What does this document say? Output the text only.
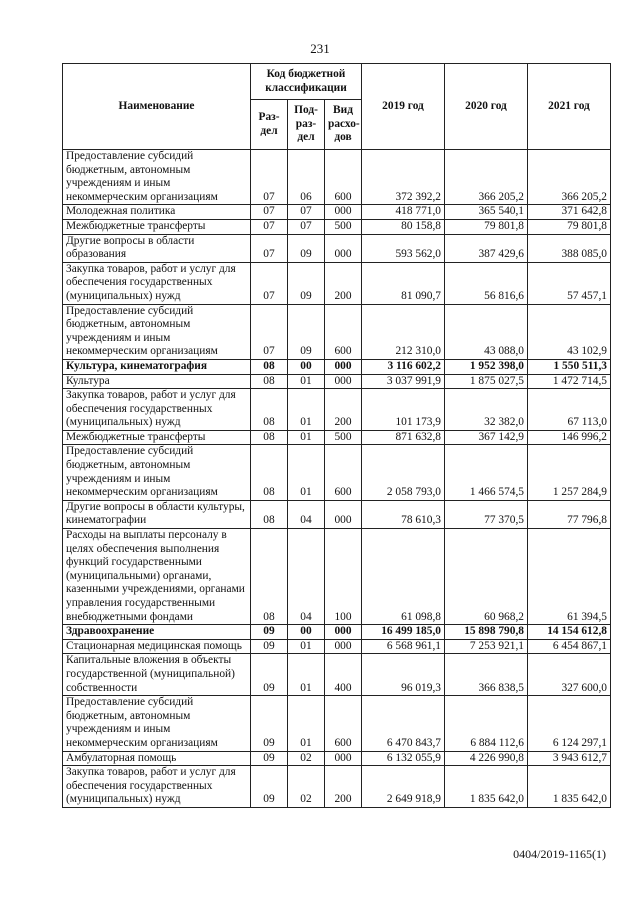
231
Наименование	Код бюджетной классификации			2019 год	2020 год	2021 год
	Раз-дел	Под-раз-дел	Вид расхо-дов			
Предоставление субсидий бюджетным, автономным учреждениям и иным некоммерческим организациям	07	06	600	372 392,2	366 205,2	366 205,2
Молодежная политика	07	07	000	418 771,0	365 540,1	371 642,8
Межбюджетные трансферты	07	07	500	80 158,8	79 801,8	79 801,8
Другие вопросы в области образования	07	09	000	593 562,0	387 429,6	388 085,0
Закупка товаров, работ и услуг для обеспечения государственных (муниципальных) нужд	07	09	200	81 090,7	56 816,6	57 457,1
Предоставление субсидий бюджетным, автономным учреждениям и иным некоммерческим организациям	07	09	600	212 310,0	43 088,0	43 102,9
Культура, кинематография	08	00	000	3 116 602,2	1 952 398,0	1 550 511,3
Культура	08	01	000	3 037 991,9	1 875 027,5	1 472 714,5
Закупка товаров, работ и услуг для обеспечения государственных (муниципальных) нужд	08	01	200	101 173,9	32 382,0	67 113,0
Межбюджетные трансферты	08	01	500	871 632,8	367 142,9	146 996,2
Предоставление субсидий бюджетным, автономным учреждениям и иным некоммерческим организациям	08	01	600	2 058 793,0	1 466 574,5	1 257 284,9
Другие вопросы в области культуры, кинематографии	08	04	000	78 610,3	77 370,5	77 796,8
Расходы на выплаты персоналу в целях обеспечения выполнения функций государственными (муниципальными) органами, казенными учреждениями, органами управления государственными внебюджетными фондами	08	04	100	61 098,8	60 968,2	61 394,5
Здравоохранение	09	00	000	16 499 185,0	15 898 790,8	14 154 612,8
Стационарная медицинская помощь	09	01	000	6 568 961,1	7 253 921,1	6 454 867,1
Капитальные вложения в объекты государственной (муниципальной) собственности	09	01	400	96 019,3	366 838,5	327 600,0
Предоставление субсидий бюджетным, автономным учреждениям и иным некоммерческим организациям	09	01	600	6 470 843,7	6 884 112,6	6 124 297,1
Амбулаторная помощь	09	02	000	6 132 055,9	4 226 990,8	3 943 612,7
Закупка товаров, работ и услуг для обеспечения государственных (муниципальных) нужд	09	02	200	2 649 918,9	1 835 642,0	1 835 642,0
0404/2019-1165(1)
